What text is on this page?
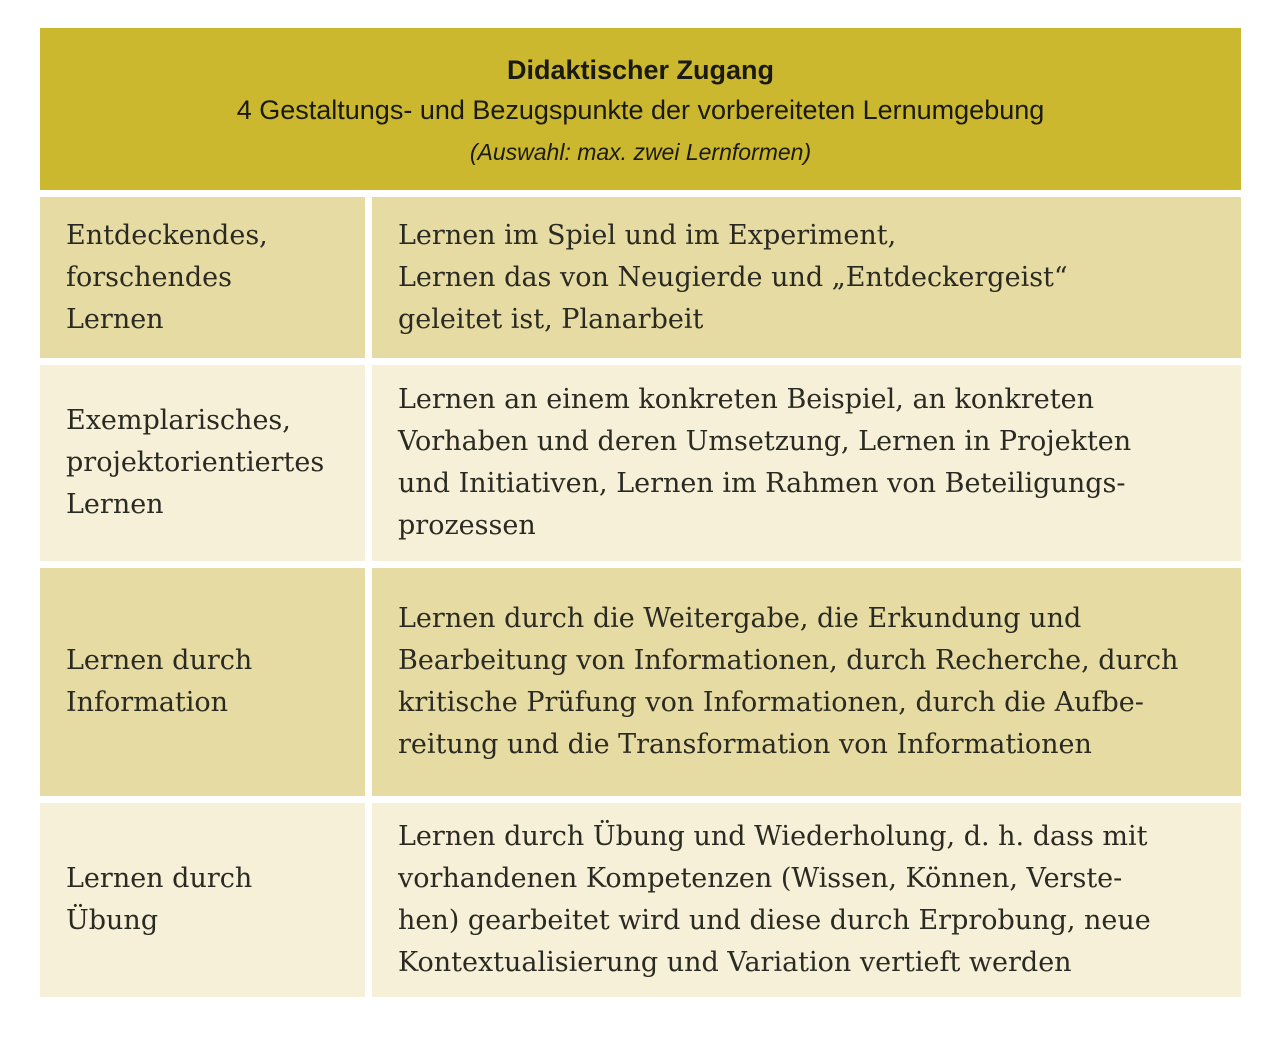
Didaktischer Zugang
4 Gestaltungs- und Bezugspunkte der vorbereiteten Lernumgebung
(Auswahl: max. zwei Lernformen)
Entdeckendes,
forschendes
Lernen
Lernen im Spiel und im Experiment,
Lernen das von Neugierde und „Entdeckergeist“
geleitet ist, Planarbeit
Exemplarisches,
projektorientiertes
Lernen
Lernen an einem konkreten Beispiel, an konkreten
Vorhaben und deren Umsetzung, Lernen in Projekten
und Initiativen, Lernen im Rahmen von Beteiligungs-
prozessen
Lernen durch
Information
Lernen durch die Weitergabe, die Erkundung und
Bearbeitung von Informationen, durch Recherche, durch
kritische Prüfung von Informationen, durch die Aufbe-
reitung und die Transformation von Informationen
Lernen durch
Übung
Lernen durch Übung und Wiederholung, d. h. dass mit
vorhandenen Kompetenzen (Wissen, Können, Verste-
hen) gearbeitet wird und diese durch Erprobung, neue
Kontextualisierung und Variation vertieft werden
